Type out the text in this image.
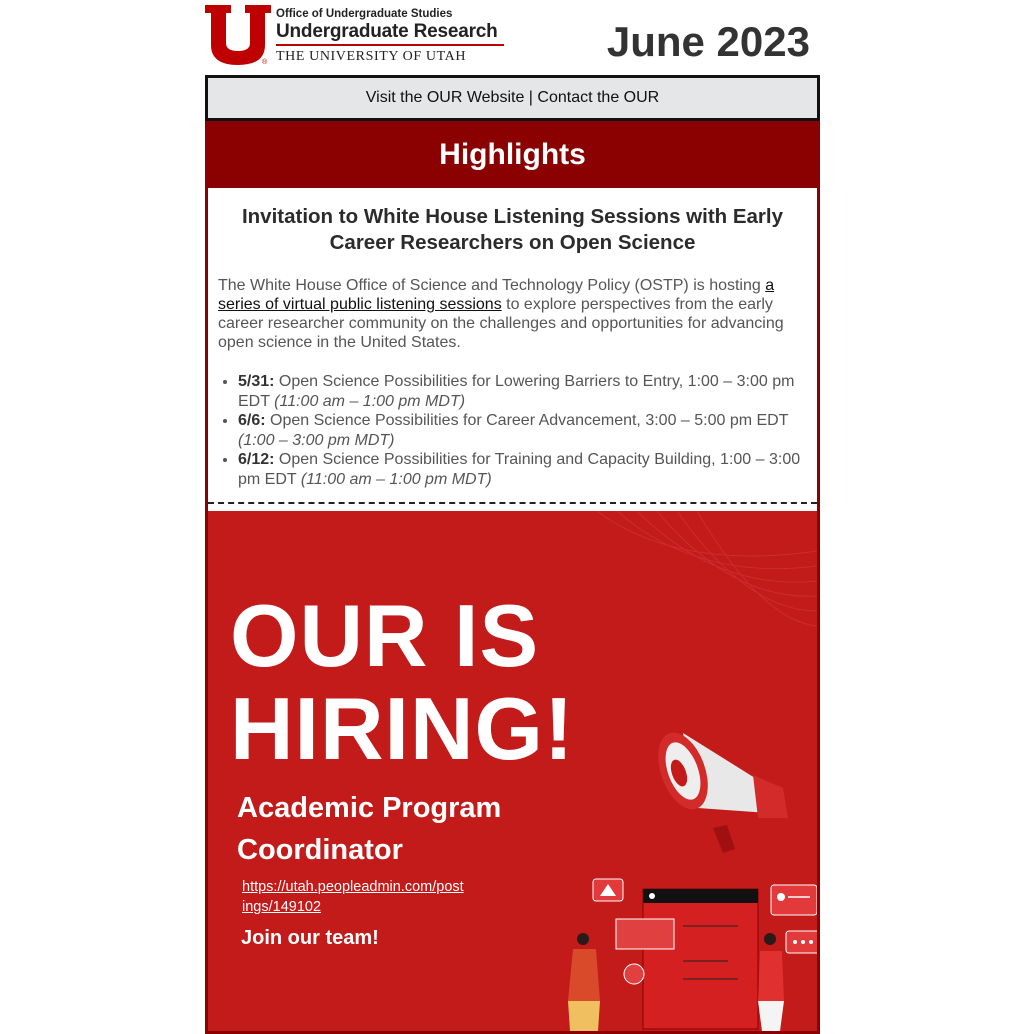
®
Office of Undergraduate Studies
Undergraduate Research
THE UNIVERSITY OF UTAH	June 2023
Visit the OUR Website | Contact the OUR
Highlights
Invitation to White House Listening Sessions with Early Career Researchers on Open Science

The White House Office of Science and Technology Policy (OSTP) is hosting a series of virtual public listening sessions to explore perspectives from the early career researcher community on the challenges and opportunities for advancing open science in the United States.

• 5/31: Open Science Possibilities for Lowering Barriers to Entry, 1:00 – 3:00 pm EDT (11:00 am – 1:00 pm MDT)
• 6/6: Open Science Possibilities for Career Advancement, 3:00 – 5:00 pm EDT (1:00 – 3:00 pm MDT)
• 6/12: Open Science Possibilities for Training and Capacity Building, 1:00 – 3:00 pm EDT (11:00 am – 1:00 pm MDT)
OUR IS
HIRING!
Academic Program
Coordinator
https://utah.peopleadmin.com/post
ings/149102
Join our team!
